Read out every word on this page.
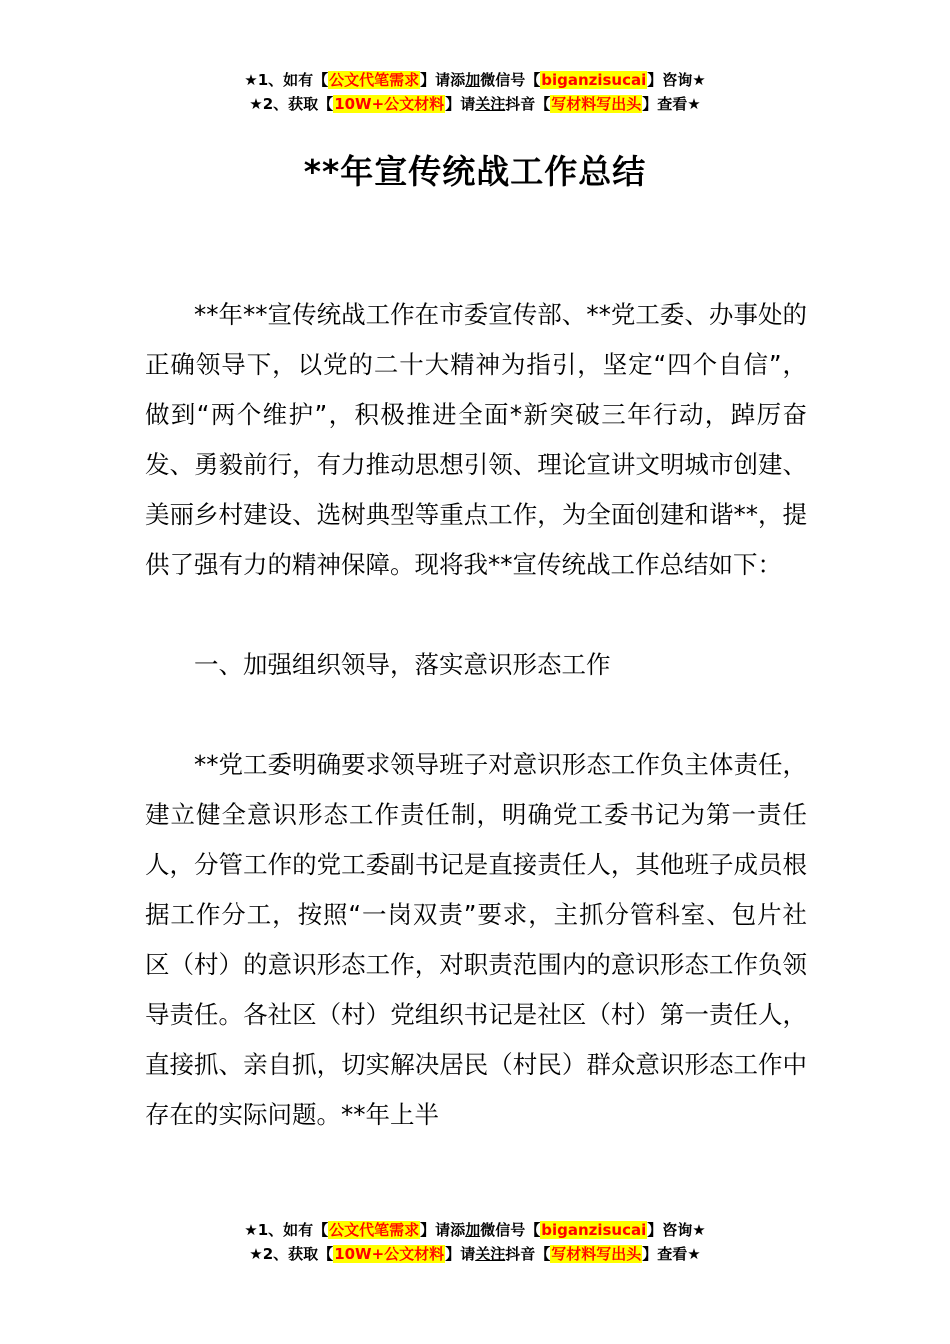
★1、如有【公文代笔需求】请添加微信号【biganzisucai】咨询★
★2、获取【10W+公文材料】请关注抖音【写材料写出头】查看★
**年宣传统战工作总结

**年**宣传统战工作在市委宣传部、**党工委、办事处的正确领导下，以党的二十大精神为指引，坚定“四个自信”，做到“两个维护”，积极推进全面*新突破三年行动，踔厉奋发、勇毅前行，有力推动思想引领、理论宣讲文明城市创建、美丽乡村建设、选树典型等重点工作，为全面创建和谐**，提供了强有力的精神保障。现将我**宣传统战工作总结如下：

一、加强组织领导，落实意识形态工作

**党工委明确要求领导班子对意识形态工作负主体责任，建立健全意识形态工作责任制，明确党工委书记为第一责任人，分管工作的党工委副书记是直接责任人，其他班子成员根据工作分工，按照“一岗双责”要求，主抓分管科室、包片社区（村）的意识形态工作，对职责范围内的意识形态工作负领导责任。各社区（村）党组织书记是社区（村）第一责任人，直接抓、亲自抓，切实解决居民（村民）群众意识形态工作中存在的实际问题。**年上半

★1、如有【公文代笔需求】请添加微信号【biganzisucai】咨询★
★2、获取【10W+公文材料】请关注抖音【写材料写出头】查看★
